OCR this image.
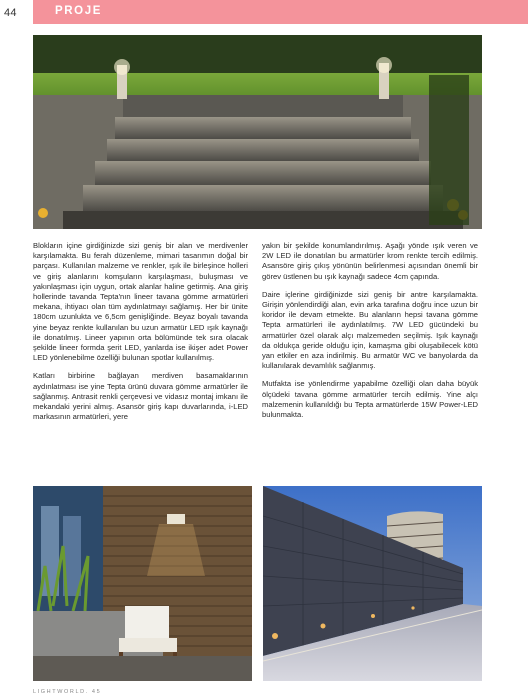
44	PROJE

Blokların içine girdiğinizde sizi geniş bir alan ve merdivenler karşılamakta. Bu ferah düzenleme, mimari tasarımın doğal bir parçası. Kullanılan malzeme ve renkler, ışık ile birleşince holleri ve giriş alanlarını komşuların karşılaşması, buluşması ve yakınlaşması için uygun, ortak alanlar haline getirmiş. Ana giriş hollerinde tavanda Tepta'nın lineer tavana gömme armatürleri mekana, ihtiyacı olan tüm aydınlatmayı sağlamış. Her bir ünite 180cm uzunlukta ve 6,5cm genişliğinde. Beyaz boyalı tavanda yine beyaz renkte kullanılan bu uzun armatür LED ışık kaynağı ile donatılmış. Lineer yapının orta bölümünde tek sıra olacak şekilde lineer formda şerit LED, yanlarda ise ikişer adet Power LED yönlenebilme özelliği bulunan spotlar kullanılmış.

Katları birbirine bağlayan merdiven basamaklarının aydınlatması ise yine Tepta ürünü duvara gömme armatürler ile sağlanmış. Antrasit renkli çerçevesi ve vidasız montaj imkanı ile mekandaki yerini almış. Asansör giriş kapı duvarlarında, i-LED markasının armatürleri, yere

yakın bir şekilde konumlandırılmış. Aşağı yönde ışık veren ve 2W LED ile donatılan bu armatürler krom renkte tercih edilmiş. Asansöre giriş çıkış yönünün belirlenmesi açısından önemli bir görev üstlenen bu ışık kaynağı sadece 4cm çapında.

Daire içlerine girdiğinizde sizi geniş bir antre karşılamakta. Girişin yönlendirdiği alan, evin arka tarafına doğru ince uzun bir koridor ile devam etmekte. Bu alanların hepsi tavana gömme Tepta armatürleri ile aydınlatılmış. 7W LED gücündeki bu armatürler özel olarak alçı malzemeden seçilmiş. Işık kaynağı da oldukça geride olduğu için, kamaşma gibi oluşabilecek kötü yan etkiler en aza indirilmiş. Bu armatür WC ve banyolarda da kullanılarak devamlılık sağlanmış.

Mutfakta ise yönlendirme yapabilme özelliği olan daha büyük ölçüdeki tavana gömme armatürler tercih edilmiş. Yine alçı malzemenin kullanıldığı bu Tepta armatürlerde 15W Power-LED bulunmakta.

LIGHTWORLD. 45
